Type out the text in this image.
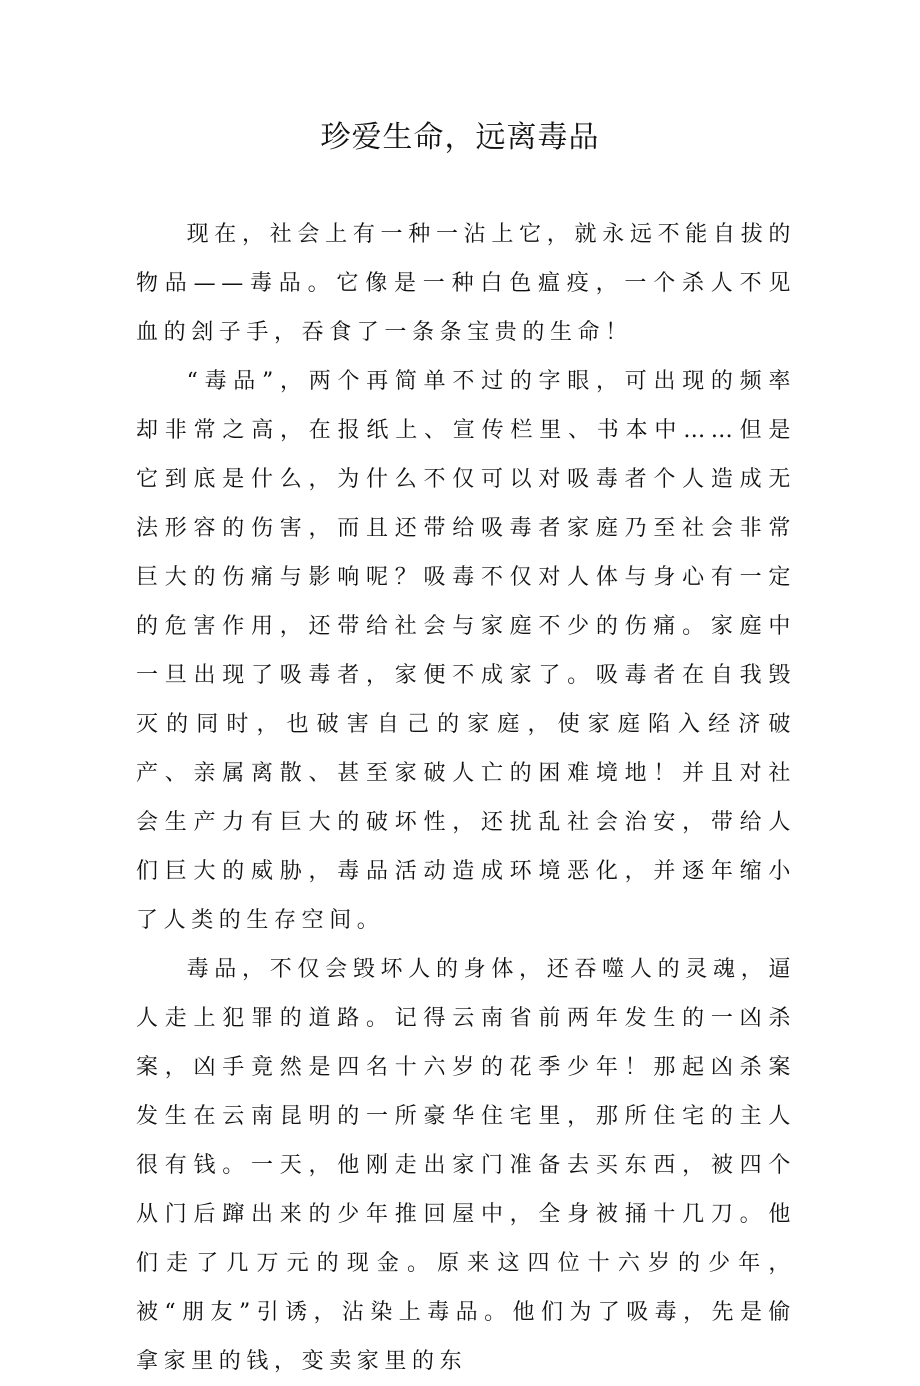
珍爱生命，远离毒品

现在，社会上有一种一沾上它，就永远不能自拔的物品——毒品。它像是一种白色瘟疫，一个杀人不见血的刽子手，吞食了一条条宝贵的生命！

“毒品”，两个再简单不过的字眼，可出现的频率却非常之高，在报纸上、宣传栏里、书本中……但是它到底是什么，为什么不仅可以对吸毒者个人造成无法形容的伤害，而且还带给吸毒者家庭乃至社会非常巨大的伤痛与影响呢？吸毒不仅对人体与身心有一定的危害作用，还带给社会与家庭不少的伤痛。家庭中一旦出现了吸毒者，家便不成家了。吸毒者在自我毁灭的同时，也破害自己的家庭，使家庭陷入经济破产、亲属离散、甚至家破人亡的困难境地！并且对社会生产力有巨大的破坏性，还扰乱社会治安，带给人们巨大的威胁，毒品活动造成环境恶化，并逐年缩小了人类的生存空间。

毒品，不仅会毁坏人的身体，还吞噬人的灵魂，逼人走上犯罪的道路。记得云南省前两年发生的一凶杀案，凶手竟然是四名十六岁的花季少年！那起凶杀案发生在云南昆明的一所豪华住宅里，那所住宅的主人很有钱。一天，他刚走出家门准备去买东西，被四个从门后蹿出来的少年推回屋中，全身被捅十几刀。他们走了几万元的现金。原来这四位十六岁的少年，被“朋友”引诱，沾染上毒品。他们为了吸毒，先是偷拿家里的钱，变卖家里的东
